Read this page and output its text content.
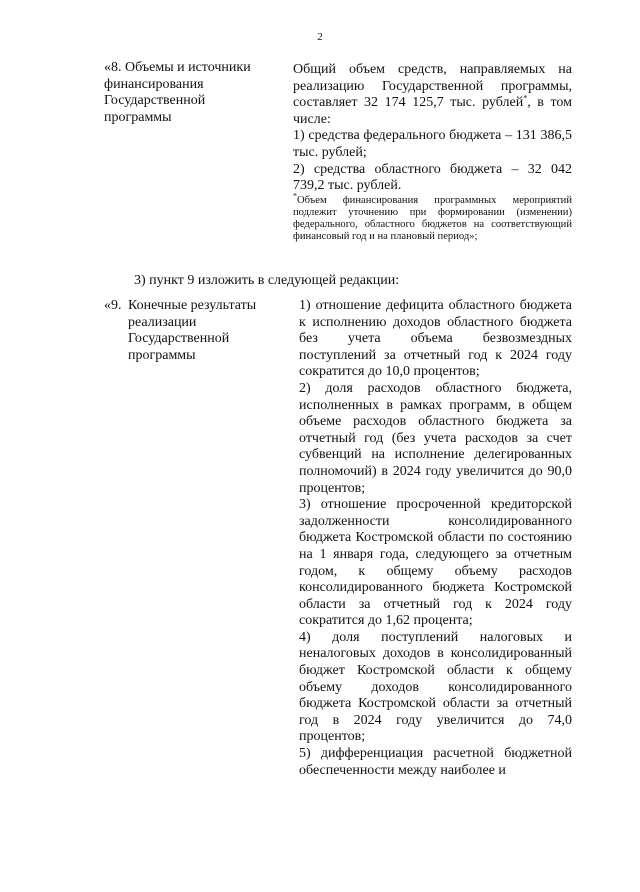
2
«8. Объемы и источники финансирования Государственной программы

Общий объем средств, направляемых на реализацию Государственной программы, составляет 32 174 125,7 тыс. рублей*, в том числе:

1) средства федерального бюджета – 131 386,5 тыс. рублей;

2) средства областного бюджета – 32 042 739,2 тыс. рублей.

*Объем финансирования программных мероприятий подлежит уточнению при формировании (изменении) федерального, областного бюджетов на соответствующий финансовый год и на плановый период»;

3) пункт 9 изложить в следующей редакции:
«9. Конечные результаты реализации Государственной программы

1) отношение дефицита областного бюджета к исполнению доходов областного бюджета без учета объема безвозмездных поступлений за отчетный год к 2024 году сократится до 10,0 процентов;

2) доля расходов областного бюджета, исполненных в рамках программ, в общем объеме расходов областного бюджета за отчетный год (без учета расходов за счет субвенций на исполнение делегированных полномочий) в 2024 году увеличится до 90,0 процентов;

3) отношение просроченной кредиторской задолженности консолидированного бюджета Костромской области по состоянию на 1 января года, следующего за отчетным годом, к общему объему расходов консолидированного бюджета Костромской области за отчетный год к 2024 году сократится до 1,62 процента;

4) доля поступлений налоговых и неналоговых доходов в консолидированный бюджет Костромской области к общему объему доходов консолидированного бюджета Костромской области за отчетный год в 2024 году увеличится до 74,0 процентов;

5) дифференциация расчетной бюджетной обеспеченности между наиболее и
